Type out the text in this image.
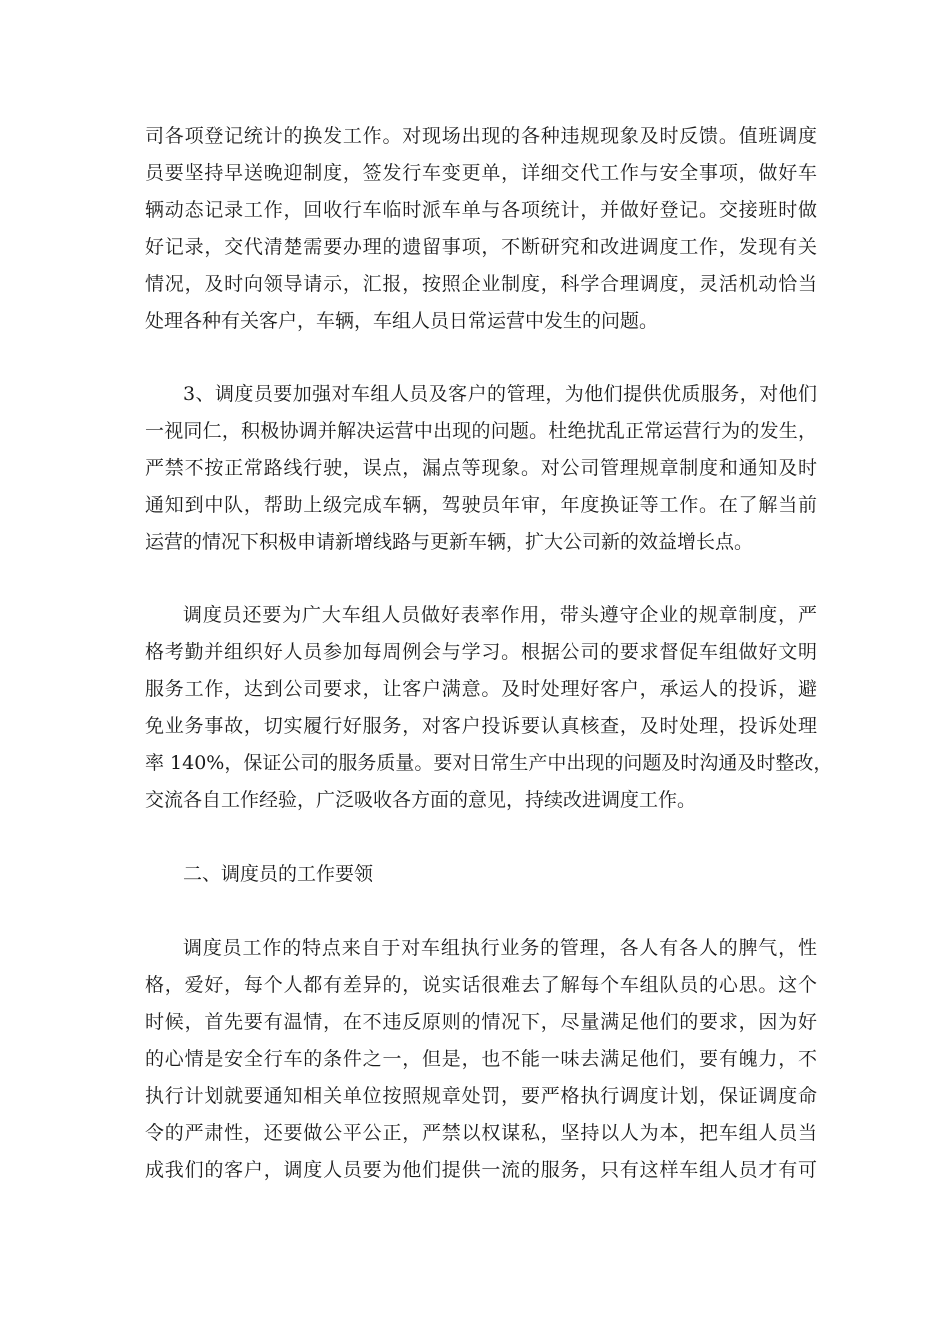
司各项登记统计的换发工作。对现场出现的各种违规现象及时反馈。值班调度
员要坚持早送晚迎制度，签发行车变更单，详细交代工作与安全事项，做好车
辆动态记录工作，回收行车临时派车单与各项统计，并做好登记。交接班时做
好记录，交代清楚需要办理的遗留事项，不断研究和改进调度工作，发现有关
情况，及时向领导请示，汇报，按照企业制度，科学合理调度，灵活机动恰当
处理各种有关客户，车辆，车组人员日常运营中发生的问题。
3、调度员要加强对车组人员及客户的管理，为他们提供优质服务，对他们
一视同仁，积极协调并解决运营中出现的问题。杜绝扰乱正常运营行为的发生，
严禁不按正常路线行驶，误点，漏点等现象。对公司管理规章制度和通知及时
通知到中队，帮助上级完成车辆，驾驶员年审，年度换证等工作。在了解当前
运营的情况下积极申请新增线路与更新车辆，扩大公司新的效益增长点。
调度员还要为广大车组人员做好表率作用，带头遵守企业的规章制度，严
格考勤并组织好人员参加每周例会与学习。根据公司的要求督促车组做好文明
服务工作，达到公司要求，让客户满意。及时处理好客户，承运人的投诉，避
免业务事故，切实履行好服务，对客户投诉要认真核查，及时处理，投诉处理
率 140%，保证公司的服务质量。要对日常生产中出现的问题及时沟通及时整改，
交流各自工作经验，广泛吸收各方面的意见，持续改进调度工作。
二、调度员的工作要领
调度员工作的特点来自于对车组执行业务的管理，各人有各人的脾气，性
格，爱好，每个人都有差异的，说实话很难去了解每个车组队员的心思。这个
时候，首先要有温情，在不违反原则的情况下，尽量满足他们的要求，因为好
的心情是安全行车的条件之一，但是，也不能一味去满足他们，要有魄力，不
执行计划就要通知相关单位按照规章处罚，要严格执行调度计划，保证调度命
令的严肃性，还要做公平公正，严禁以权谋私，坚持以人为本，把车组人员当
成我们的客户，调度人员要为他们提供一流的服务，只有这样车组人员才有可
